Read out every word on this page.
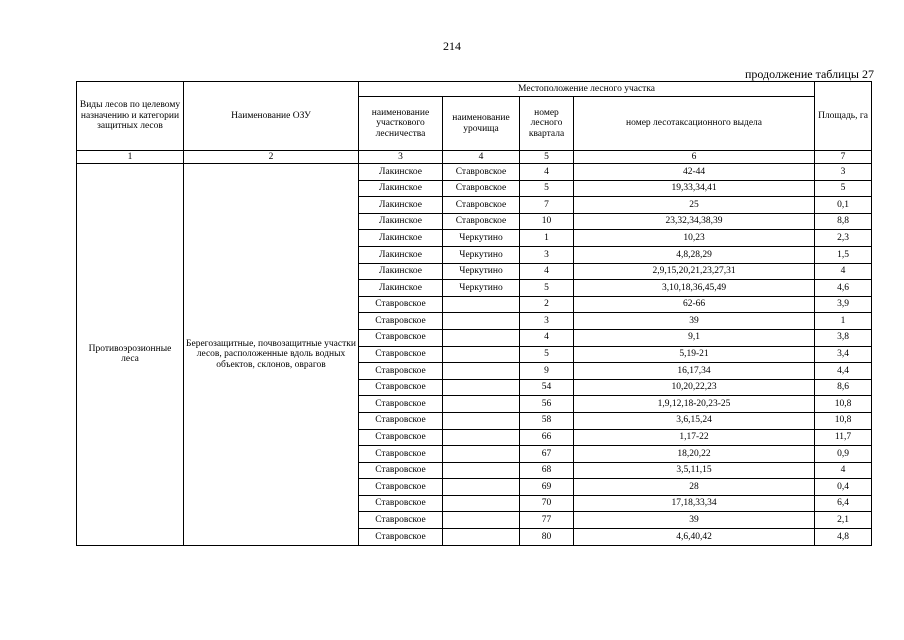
214
продолжение таблицы 27
Виды лесов по целевому назначению и категории защитных лесов	Наименование ОЗУ	Местоположение лесного участка				Площадь, га
		наименование участкового лесничества	наименование урочища	номер лесного квартала	номер лесотаксационного выдела	
1	2	3	4	5	6	7
Противоэрозионные леса	Берегозащитные, почвозащитные участки лесов, расположенные вдоль водных объектов, склонов, оврагов	Лакинское	Ставровское	4	42-44	3
		Лакинское	Ставровское	5	19,33,34,41	5
		Лакинское	Ставровское	7	25	0,1
		Лакинское	Ставровское	10	23,32,34,38,39	8,8
		Лакинское	Черкутино	1	10,23	2,3
		Лакинское	Черкутино	3	4,8,28,29	1,5
		Лакинское	Черкутино	4	2,9,15,20,21,23,27,31	4
		Лакинское	Черкутино	5	3,10,18,36,45,49	4,6
		Ставровское		2	62-66	3,9
		Ставровское		3	39	1
		Ставровское		4	9,1	3,8
		Ставровское		5	5,19-21	3,4
		Ставровское		9	16,17,34	4,4
		Ставровское		54	10,20,22,23	8,6
		Ставровское		56	1,9,12,18-20,23-25	10,8
		Ставровское		58	3,6,15,24	10,8
		Ставровское		66	1,17-22	11,7
		Ставровское		67	18,20,22	0,9
		Ставровское		68	3,5,11,15	4
		Ставровское		69	28	0,4
		Ставровское		70	17,18,33,34	6,4
		Ставровское		77	39	2,1
		Ставровское		80	4,6,40,42	4,8
